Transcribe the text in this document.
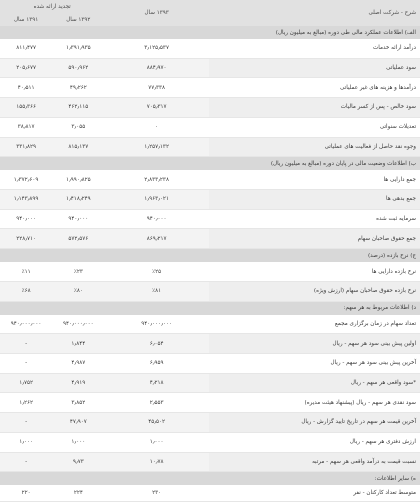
شرح - شرکت اصلی	۱۳۹۳ سال	تجدید ارائه شده	
		۱۳۹۲ سال	۱۳۹۱ سال
الف) اطلاعات عملکرد مالی طی دوره (مبالغ به میلیون ریال)			
درآمد ارائه خدمات	۳٫۱۲۵٫۵۳۷	۱٫۳۹۱٫۹۳۵	۸۱۱٫۴۷۷
سود عملیاتی	۸۸۴٫۹۷۰	۵۹۰٫۹۶۲	۲۰۵٫۶۷۷
درآمدها و هزینه های غیر عملیاتی	۷۷٫۳۳۸	۴۹٫۲۶۲	۴۰٫۵۱۱
سود خالص - پس از کسر مالیات	۷۰۵٫۳۱۷	۴۶۲٫۱۱۵	۱۵۵٫۳۶۶
تعدیلات سنواتی	۰	۳٫۰۵۵	۳۸٫۸۱۷
وجوه نقد حاصل از فعالیت های عملیاتی	۱٫۲۵۷٫۱۳۲	۸۱۵٫۱۳۷	۳۳۱٫۸۲۹
ب) اطلاعات وضعیت مالی در پایان دوره (مبالغ به میلیون ریال)			
جمع دارایی ها	۲٫۸۳۳٫۲۳۸	۱٫۹۹۰٫۸۲۵	۱٫۳۷۲٫۶۰۹
جمع بدهی ها	۱٫۹۶۳٫۰۲۱	۱٫۴۱۸٫۲۴۹	۱٫۱۴۳٫۸۹۹
سرمایه ثبت شده	۹۴۰٫۰۰۰	۹۴۰٫۰۰۰	۹۴۰٫۰۰۰
جمع حقوق صاحبان سهام	۸۶۹٫۲۱۷	۵۷۲٫۵۷۶	۲۲۸٫۷۱۰
ج) نرخ بازده (درصد)			
نرخ بازده دارایی ها	٪۲۵	٪۲۳	٪۱۱
نرخ بازده حقوق صاحبان سهام (ارزش ویژه)	٪۸۱	٪۸۰	٪۶۸
د) اطلاعات مربوط به هر سهم:			
تعداد سهام در زمان برگزاری مجمع	۹۴۰٫۰۰۰٫۰۰۰	۹۴۰٫۰۰۰٫۰۰۰	۹۴۰٫۰۰۰٫۰۰۰
اولین پیش بینی سود هر سهم - ریال	۶٫۰۵۴	۱٫۸۴۴	-
آخرین پیش بینی سود هر سهم - ریال	۶٫۹۵۹	۴٫۹۸۷	-
*سود واقعی هر سهم - ریال	۴٫۲۱۸	۴٫۹۱۹	۱٫۷۵۲
سود نقدی هر سهم - ریال (پیشنهاد هیئت مدیره)	۲٫۵۵۳	۳٫۸۵۲	۱٫۲۶۲
آخرین قیمت هر سهم در تاریخ تایید گزارش - ریال	۴۵٫۵۰۲	۴۷٫۹۰۷	-
ارزش دفتری هر سهم - ریال	۱٫۰۰۰	۱٫۰۰۰	۱٫۰۰۰
نسبت قیمت به درآمد واقعی هر سهم - مرتبه	۱۰٫۷۸	۹٫۷۳	-
ه) سایر اطلاعات:			
متوسط تعداد کارکنان - نفر	۲۳۰	۲۲۴	۲۲۰
